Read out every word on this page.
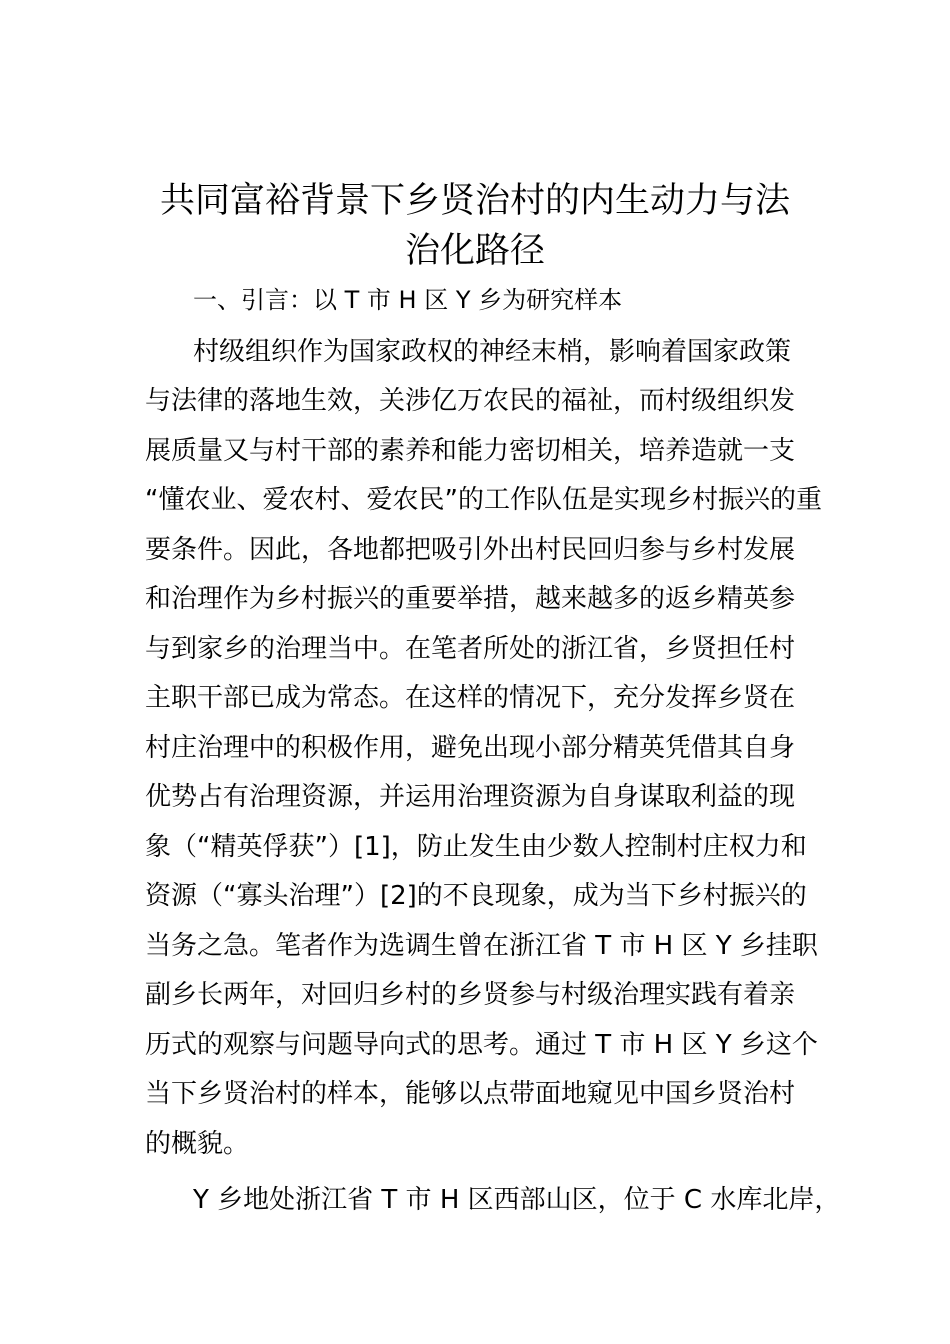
共同富裕背景下乡贤治村的内生动力与法
治化路径
一、引言：以 T 市 H 区 Y 乡为研究样本
村级组织作为国家政权的神经末梢，影响着国家政策
与法律的落地生效，关涉亿万农民的福祉，而村级组织发
展质量又与村干部的素养和能力密切相关，培养造就一支
“懂农业、爱农村、爱农民”的工作队伍是实现乡村振兴的重
要条件。因此，各地都把吸引外出村民回归参与乡村发展
和治理作为乡村振兴的重要举措，越来越多的返乡精英参
与到家乡的治理当中。在笔者所处的浙江省，乡贤担任村
主职干部已成为常态。在这样的情况下，充分发挥乡贤在
村庄治理中的积极作用，避免出现小部分精英凭借其自身
优势占有治理资源，并运用治理资源为自身谋取利益的现
象（“精英俘获”）[1]，防止发生由少数人控制村庄权力和
资源（“寡头治理”）[2]的不良现象，成为当下乡村振兴的
当务之急。笔者作为选调生曾在浙江省 T 市 H 区 Y 乡挂职
副乡长两年，对回归乡村的乡贤参与村级治理实践有着亲
历式的观察与问题导向式的思考。通过 T 市 H 区 Y 乡这个
当下乡贤治村的样本，能够以点带面地窥见中国乡贤治村
的概貌。
Y 乡地处浙江省 T 市 H 区西部山区，位于 C 水库北岸，
